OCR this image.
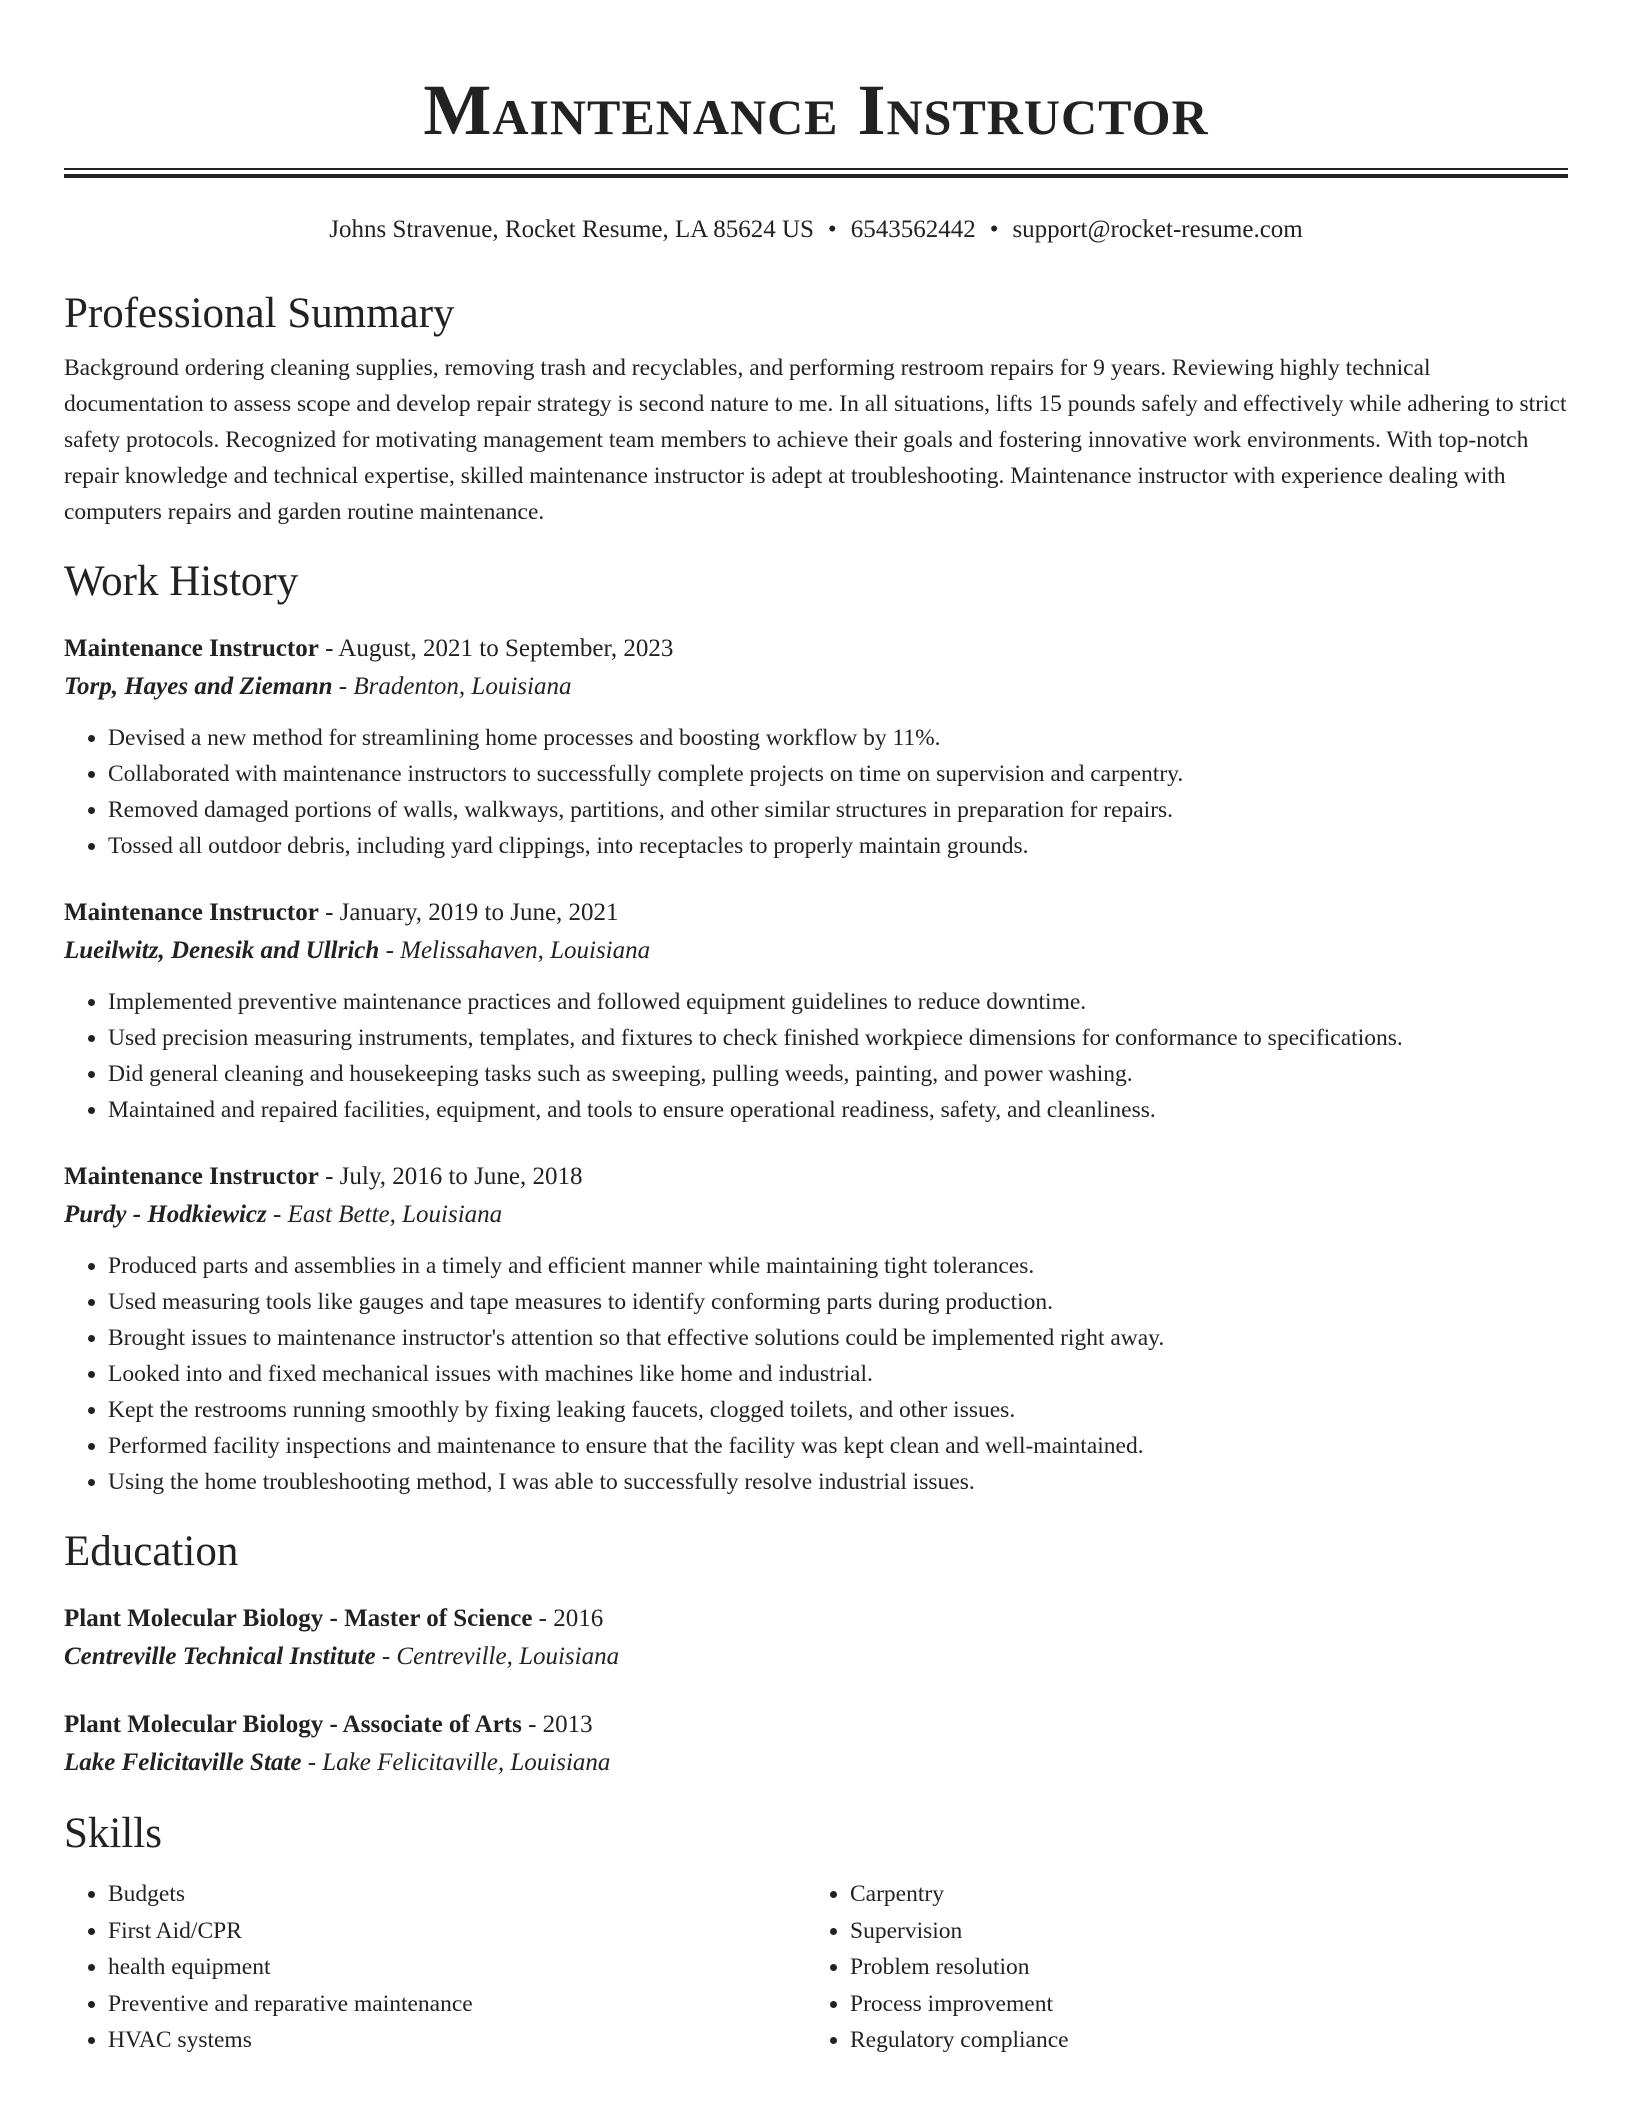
Maintenance Instructor
Johns Stravenue, Rocket Resume, LA 85624 US • 6543562442 • support@rocket-resume.com
Professional Summary

Background ordering cleaning supplies, removing trash and recyclables, and performing restroom repairs for 9 years. Reviewing highly technical documentation to assess scope and develop repair strategy is second nature to me. In all situations, lifts 15 pounds safely and effectively while adhering to strict safety protocols. Recognized for motivating management team members to achieve their goals and fostering innovative work environments. With top-notch repair knowledge and technical expertise, skilled maintenance instructor is adept at troubleshooting. Maintenance instructor with experience dealing with computers repairs and garden routine maintenance.

Work History
Maintenance Instructor - August, 2021 to September, 2023
Torp, Hayes and Ziemann - Bradenton, Louisiana
• Devised a new method for streamlining home processes and boosting workflow by 11%.
• Collaborated with maintenance instructors to successfully complete projects on time on supervision and carpentry.
• Removed damaged portions of walls, walkways, partitions, and other similar structures in preparation for repairs.
• Tossed all outdoor debris, including yard clippings, into receptacles to properly maintain grounds.
Maintenance Instructor - January, 2019 to June, 2021
Lueilwitz, Denesik and Ullrich - Melissahaven, Louisiana
• Implemented preventive maintenance practices and followed equipment guidelines to reduce downtime.
• Used precision measuring instruments, templates, and fixtures to check finished workpiece dimensions for conformance to specifications.
• Did general cleaning and housekeeping tasks such as sweeping, pulling weeds, painting, and power washing.
• Maintained and repaired facilities, equipment, and tools to ensure operational readiness, safety, and cleanliness.
Maintenance Instructor - July, 2016 to June, 2018
Purdy - Hodkiewicz - East Bette, Louisiana
• Produced parts and assemblies in a timely and efficient manner while maintaining tight tolerances.
• Used measuring tools like gauges and tape measures to identify conforming parts during production.
• Brought issues to maintenance instructor's attention so that effective solutions could be implemented right away.
• Looked into and fixed mechanical issues with machines like home and industrial.
• Kept the restrooms running smoothly by fixing leaking faucets, clogged toilets, and other issues.
• Performed facility inspections and maintenance to ensure that the facility was kept clean and well-maintained.
• Using the home troubleshooting method, I was able to successfully resolve industrial issues.
Education
Plant Molecular Biology - Master of Science - 2016
Centreville Technical Institute - Centreville, Louisiana
Plant Molecular Biology - Associate of Arts - 2013
Lake Felicitaville State - Lake Felicitaville, Louisiana
Skills
• Budgets
• First Aid/CPR
• health equipment
• Preventive and reparative maintenance
• HVAC systems
• Carpentry
• Supervision
• Problem resolution
• Process improvement
• Regulatory compliance
